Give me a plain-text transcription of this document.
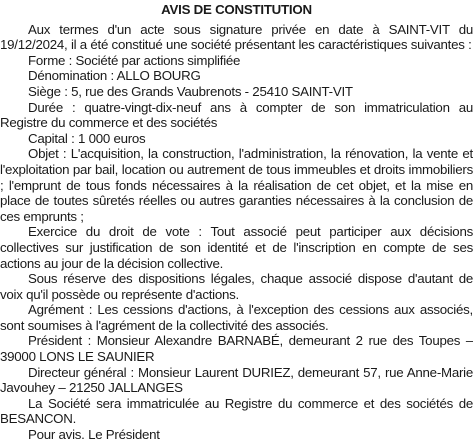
AVIS DE CONSTITUTION

Aux termes d'un acte sous signature privée en date à SAINT-VIT du 19/12/2024, il a été constitué une société présentant les caractéristiques suivantes :

Forme : Société par actions simplifiée

Dénomination : ALLO BOURG

Siège : 5, rue des Grands Vaubrenots - 25410 SAINT-VIT

Durée : quatre-vingt-dix-neuf ans à compter de son immatriculation au Registre du commerce et des sociétés

Capital : 1 000 euros

Objet : L'acquisition, la construction, l'administration, la rénovation, la vente et l'exploitation par bail, location ou autrement de tous immeubles et droits immobiliers ; l'emprunt de tous fonds nécessaires à la réalisation de cet objet, et la mise en place de toutes sûretés réelles ou autres garanties nécessaires à la conclusion de ces emprunts ;

Exercice du droit de vote : Tout associé peut participer aux décisions collectives sur justification de son identité et de l'inscription en compte de ses actions au jour de la décision collective.

Sous réserve des dispositions légales, chaque associé dispose d'autant de voix qu'il possède ou représente d'actions.

Agrément : Les cessions d'actions, à l'exception des cessions aux associés, sont soumises à l'agrément de la collectivité des associés.

Président : Monsieur Alexandre BARNABÉ, demeurant 2 rue des Toupes – 39000 LONS LE SAUNIER

Directeur général : Monsieur Laurent DURIEZ, demeurant 57, rue Anne-Marie Javouhey – 21250 JALLANGES

La Société sera immatriculée au Registre du commerce et des sociétés de BESANCON.

Pour avis. Le Président
